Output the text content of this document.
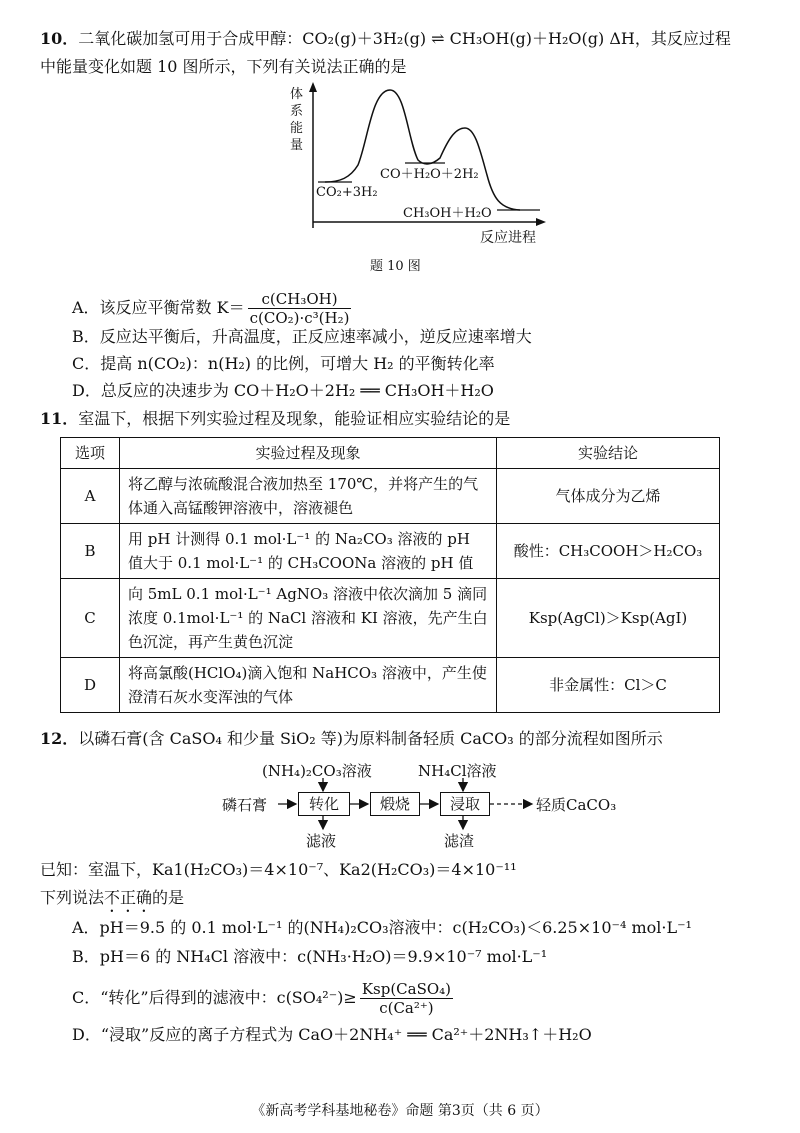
10．二氧化碳加氢可用于合成甲醇：CO₂(g)＋3H₂(g) ⇌ CH₃OH(g)＋H₂O(g) ΔH，其反应过程
中能量变化如题 10 图所示，下列有关说法正确的是
体
系
能
量
CO₂+3H₂
CO＋H₂O＋2H₂
CH₃OH＋H₂O
反应进程
题 10 图
A．该反应平衡常数 $K= \frac{\text{c(CH₃OH)}}{\text{c(CO₂)·c³(H₂)}}$
B．反应达平衡后，升高温度，正反应速率减小，逆反应速率增大
C．提高 n(CO₂)：n(H₂) 的比例，可增大 H₂ 的平衡转化率
D．总反应的决速步为 CO＋H₂O＋2H₂ ══ CH₃OH＋H₂O
11．室温下，根据下列实验过程及现象，能验证相应实验结论的是
选项	实验过程及现象	实验结论
A	将乙醇与浓硫酸混合液加热至 170℃，并将产生的气体通入高锰酸钾溶液中，溶液褪色	气体成分为乙烯
B	用 pH 计测得 0.1 mol·L⁻¹ 的 Na₂CO₃ 溶液的 pH 值大于 0.1 mol·L⁻¹ 的 CH₃COONa 溶液的 pH 值	酸性：CH₃COOH＞H₂CO₃
C	向 5mL 0.1 mol·L⁻¹ AgNO₃ 溶液中依次滴加 5 滴同浓度 0.1mol·L⁻¹ 的 NaCl 溶液和 KI 溶液，先产生白色沉淀，再产生黄色沉淀	Ksp(AgCl)＞Ksp(AgI)
D	将高氯酸(HClO₄)滴入饱和 NaHCO₃ 溶液中，产生使澄清石灰水变浑浊的气体	非金属性：Cl＞C
12．以磷石膏(含 CaSO₄ 和少量 SiO₂ 等)为原料制备轻质 CaCO₃ 的部分流程如图所示
(NH₄)₂CO₃溶液	NH₄Cl溶液
磷石膏	转化	煅烧	浸取	轻质CaCO₃
滤液	滤渣
已知：室温下，Ka1(H₂CO₃)＝4×10⁻⁷、Ka2(H₂CO₃)＝4×10⁻¹¹
下列说法不正确的是
A．pH＝9.5 的 0.1 mol·L⁻¹ 的(NH₄)₂CO₃溶液中：c(H₂CO₃)＜6.25×10⁻⁴ mol·L⁻¹
B．pH＝6 的 NH₄Cl 溶液中：c(NH₃·H₂O)＝9.9×10⁻⁷ mol·L⁻¹
C．“转化”后得到的滤液中：$c(SO_4^{2-})\ge \frac{\text{Ksp(CaSO₄)}}{\text{c(Ca²⁺)}}$
D．“浸取”反应的离子方程式为 CaO＋2NH₄⁺ ══ Ca²⁺＋2NH₃↑＋H₂O
《新高考学科基地秘卷》命题 第3页（共 6 页）
